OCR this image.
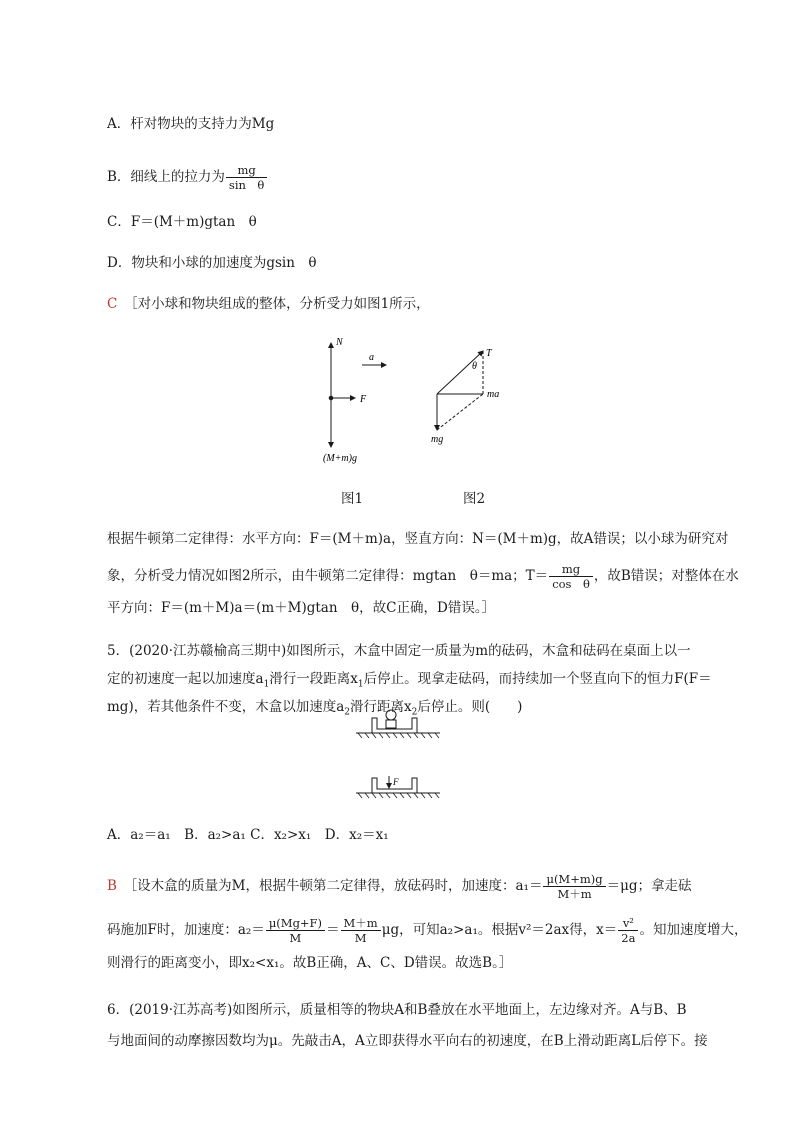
A．杆对物块的支持力为Mg
B．细线上的拉力为 $\frac{mg}{\text{sin　θ}}$
C．F＝(M＋m)gtan　θ
D．物块和小球的加速度为gsin　θ
C　 ［对小球和物块组成的整体，分析受力如图1所示，
N
a
F
(M+m)g
T
θ
ma
mg
F
图1	图2
根据牛顿第二定律得：水平方向：F＝(M＋m)a，竖直方向：N＝(M＋m)g，故A错误；以小球为研究对
象，分析受力情况如图2所示，由牛顿第二定律得：mgtan　θ＝ma；$T= \frac{mg}{\text{cos　θ}}$ ，故B错误；对整体在水
平方向：F＝(m＋M)a＝(m＋M)gtan　θ，故C正确，D错误。］
5．(2020·江苏赣榆高三期中)如图所示，木盒中固定一质量为m的砝码，木盒和砝码在桌面上以一
定的初速度一起以加速度$a_1$滑行一段距离$x_1$后停止。现拿走砝码，而持续加一个竖直向下的恒力F(F＝
mg)，若其他条件不变，木盒以加速度$a_2$滑行距离$x_2$后停止。则(　　)
A．a₂＝a₁　B．a₂>a₁ C．x₂>x₁　D．x₂＝x₁
B　 ［设木盒的质量为M，根据牛顿第二定律得，放砝码时，加速度：$a_1= \frac{\mu(M+m)g}{M+m} =\mu g$；拿走砝
码施加F时，加速度：$a_2= \frac{\mu(Mg+F)}{M} = \frac{M+m}{M}$ μg，可知a₂>a₁。根据v²＝2ax得，$x= \frac{\text{v²}}{2a}$ 。知加速度增大，
则滑行的距离变小，即x₂<x₁。故B正确，A、C、D错误。故选B。］
6．(2019·江苏高考)如图所示，质量相等的物块A和B叠放在水平地面上，左边缘对齐。A与B、B
与地面间的动摩擦因数均为μ。先敲击A，A立即获得水平向右的初速度，在B上滑动距离L后停下。接
